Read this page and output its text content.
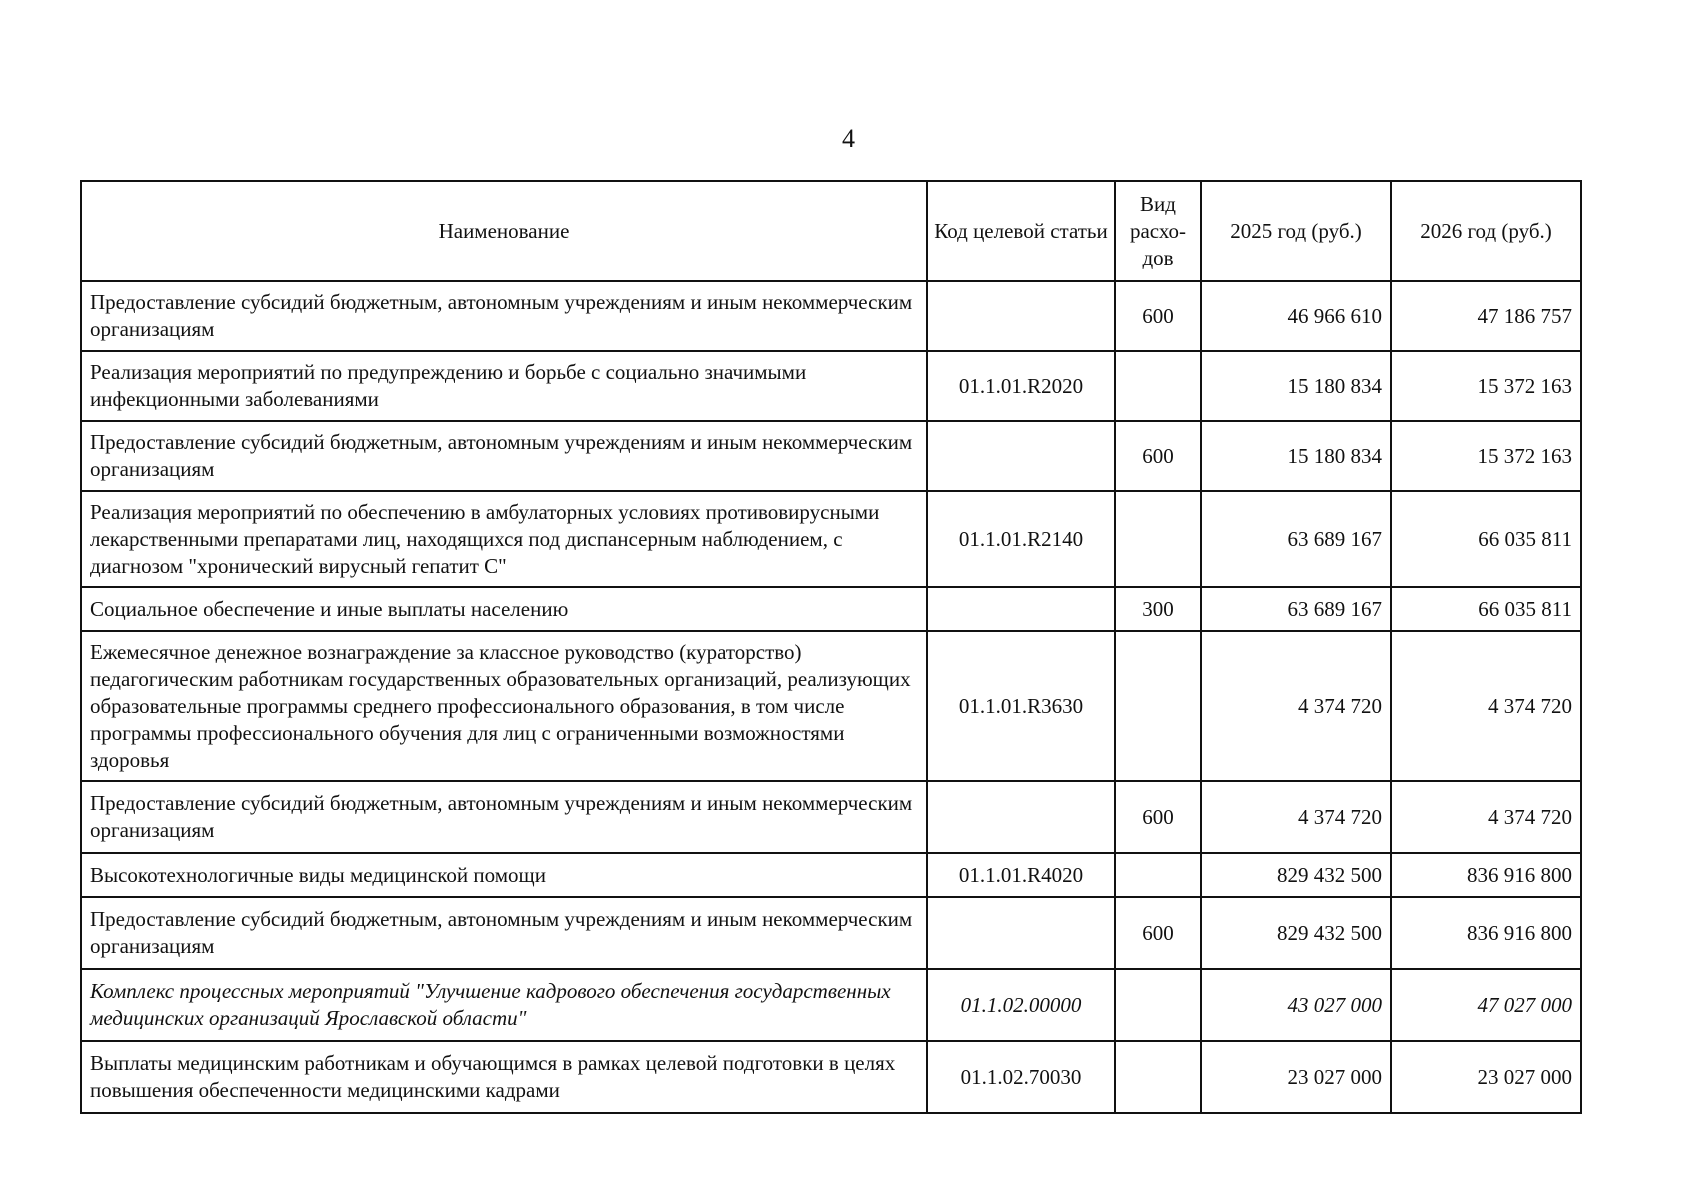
4
Наименование	Код целевой статьи	Вид расхо-дов	2025 год (руб.)	2026 год (руб.)
Предоставление субсидий бюджетным, автономным учреждениям и иным некоммерческим организациям		600	46 966 610	47 186 757
Реализация мероприятий по предупреждению и борьбе с социально значимыми инфекционными заболеваниями	01.1.01.R2020		15 180 834	15 372 163
Предоставление субсидий бюджетным, автономным учреждениям и иным некоммерческим организациям		600	15 180 834	15 372 163
Реализация мероприятий по обеспечению в амбулаторных условиях противовирусными лекарственными препаратами лиц, находящихся под диспансерным наблюдением, с диагнозом "хронический вирусный гепатит С"	01.1.01.R2140		63 689 167	66 035 811
Социальное обеспечение и иные выплаты населению		300	63 689 167	66 035 811
Ежемесячное денежное вознаграждение за классное руководство (кураторство) педагогическим работникам государственных образовательных организаций, реализующих образовательные программы среднего профессионального образования, в том числе программы профессионального обучения для лиц с ограниченными возможностями здоровья	01.1.01.R3630		4 374 720	4 374 720
Предоставление субсидий бюджетным, автономным учреждениям и иным некоммерческим организациям		600	4 374 720	4 374 720
Высокотехнологичные виды медицинской помощи	01.1.01.R4020		829 432 500	836 916 800
Предоставление субсидий бюджетным, автономным учреждениям и иным некоммерческим организациям		600	829 432 500	836 916 800
Комплекс процессных мероприятий "Улучшение кадрового обеспечения государственных медицинских организаций Ярославской области"	01.1.02.00000		43 027 000	47 027 000
Выплаты медицинским работникам и обучающимся в рамках целевой подготовки в целях повышения обеспеченности медицинскими кадрами	01.1.02.70030		23 027 000	23 027 000
